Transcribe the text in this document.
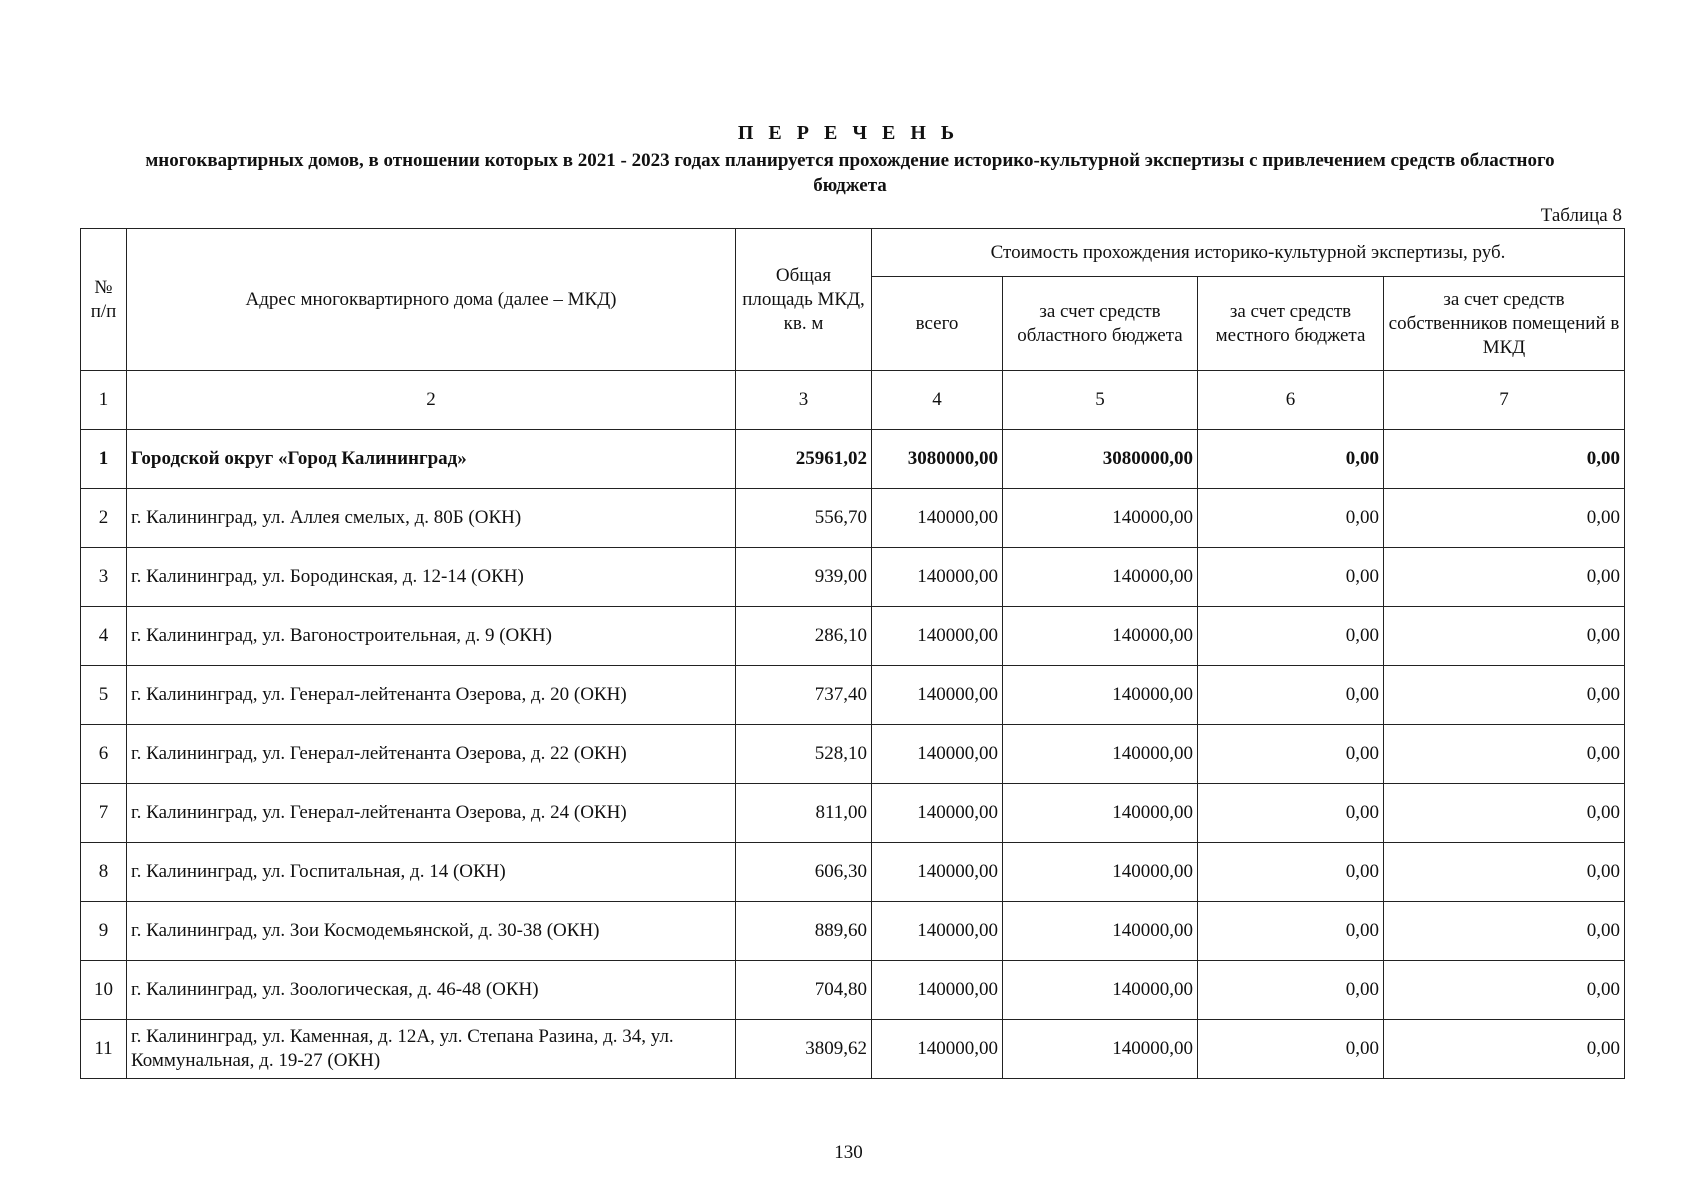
П Е Р Е Ч Е Н Ь
многоквартирных домов, в отношении которых в 2021 - 2023 годах планируется прохождение историко-культурной экспертизы с привлечением средств областного бюджета
Таблица 8
№ п/п	Адрес многоквартирного дома (далее – МКД)	Общая площадь МКД, кв. м	Стоимость прохождения историко-культурной экспертизы, руб.			
			всего	за счет средств областного бюджета	за счет средств местного бюджета	за счет средств собственников помещений в МКД
1	2	3	4	5	6	7
1	Городской округ «Город Калининград»	25961,02	3080000,00	3080000,00	0,00	0,00
2	г. Калининград, ул. Аллея смелых, д. 80Б (ОКН)	556,70	140000,00	140000,00	0,00	0,00
3	г. Калининград, ул. Бородинская, д. 12-14 (ОКН)	939,00	140000,00	140000,00	0,00	0,00
4	г. Калининград, ул. Вагоностроительная, д. 9 (ОКН)	286,10	140000,00	140000,00	0,00	0,00
5	г. Калининград, ул. Генерал-лейтенанта Озерова, д. 20 (ОКН)	737,40	140000,00	140000,00	0,00	0,00
6	г. Калининград, ул. Генерал-лейтенанта Озерова, д. 22 (ОКН)	528,10	140000,00	140000,00	0,00	0,00
7	г. Калининград, ул. Генерал-лейтенанта Озерова, д. 24 (ОКН)	811,00	140000,00	140000,00	0,00	0,00
8	г. Калининград, ул. Госпитальная, д. 14 (ОКН)	606,30	140000,00	140000,00	0,00	0,00
9	г. Калининград, ул. Зои Космодемьянской, д. 30-38 (ОКН)	889,60	140000,00	140000,00	0,00	0,00
10	г. Калининград, ул. Зоологическая, д. 46-48 (ОКН)	704,80	140000,00	140000,00	0,00	0,00
11	г. Калининград, ул. Каменная, д. 12А, ул. Степана Разина, д. 34, ул. Коммунальная, д. 19-27 (ОКН)	3809,62	140000,00	140000,00	0,00	0,00
130
